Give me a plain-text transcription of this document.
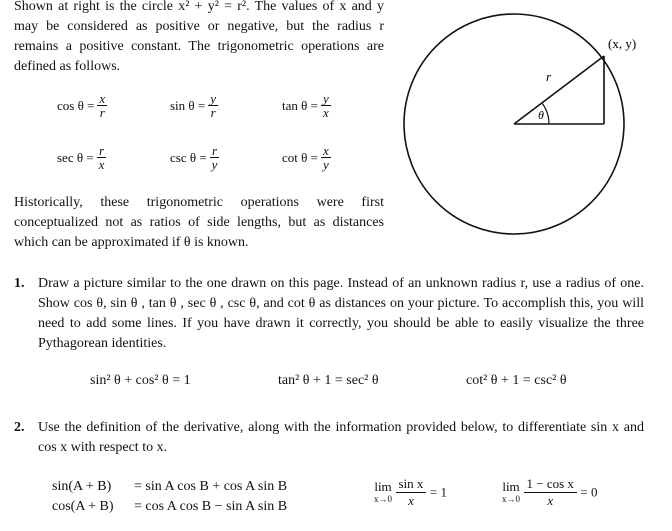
Shown at right is the circle x² + y² = r². The values of x and y may be considered as positive or negative, but the radius r remains a positive constant. The trigonometric operations are defined as follows.
$\cos \theta = \frac{x}{r}$	$\sin \theta = \frac{y}{r}$	$\tan \theta = \frac{y}{x}$
$\sec \theta = \frac{r}{x}$	$\csc \theta = \frac{r}{y}$	$\cot \theta = \frac{x}{y}$
Historically, these trigonometric operations were first conceptualized not as ratios of side lengths, but as distances which can be approximated if θ is known.
θ
r
(x, y)
1. Draw a picture similar to the one drawn on this page. Instead of an unknown radius r, use a radius of one. Show cos θ, sin θ , tan θ , sec θ , csc θ, and cot θ as distances on your picture. To accomplish this, you will need to add some lines. If you have drawn it correctly, you should be able to easily visualize the three Pythagorean identities.
sin² θ + cos² θ = 1	tan² θ + 1 = sec² θ	cot² θ + 1 = csc² θ
2. Use the definition of the derivative, along with the information provided below, to differentiate sin x and cos x with respect to x.
sin(A + B) = sin A cos B + cos A sin B
cos(A + B) = cos A cos B − sin A sin B
lim
x→0
$\frac{\text{sin x}}{x} = 1$	lim
x→0
$\frac{\text{1 − cos x}}{x} = 0$
